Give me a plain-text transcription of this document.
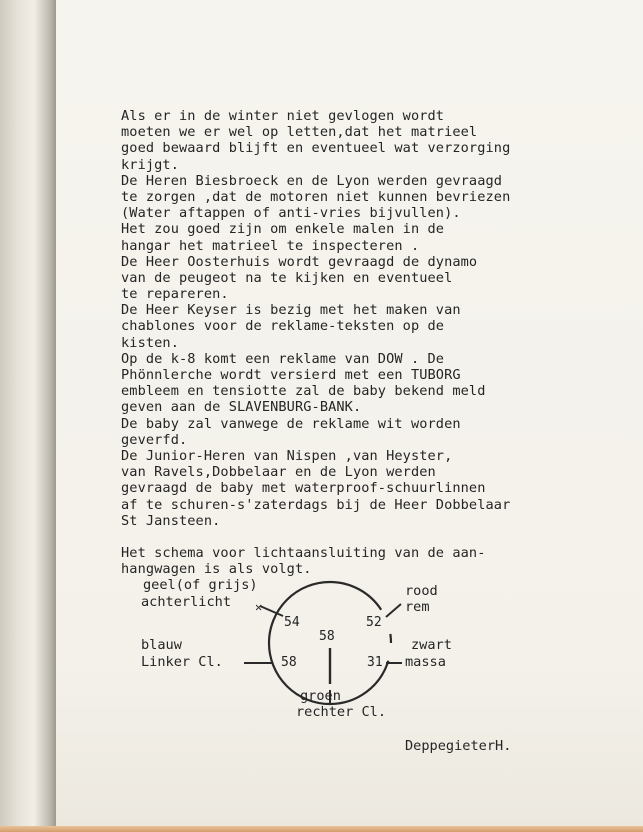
Als er in de winter niet gevlogen wordt
moeten we er wel op letten,dat het matrieel
goed bewaard blijft en eventueel wat verzorging
krijgt.
De Heren Biesbroeck en de Lyon werden gevraagd
te zorgen ,dat de motoren niet kunnen bevriezen
(Water aftappen of anti-vries bijvullen).
Het zou goed zijn om enkele malen in de
hangar het matrieel te inspecteren .
De Heer Oosterhuis wordt gevraagd de dynamo
van de peugeot na te kijken en eventueel
te repareren.
De Heer Keyser is bezig met het maken van
chablones voor de reklame-teksten op de
kisten.
Op de k-8 komt een reklame van DOW . De
Phönnlerche wordt versierd met een TUBORG
embleem en tensiotte zal de baby bekend meld
geven aan de SLAVENBURG-BANK.
De baby zal vanwege de reklame wit worden
geverfd.
De Junior-Heren van Nispen ,van Heyster,
van Ravels,Dobbelaar en de Lyon werden
gevraagd de baby met waterproof-schuurlinnen
af te schuren-s'zaterdags bij de Heer Dobbelaar
St Jansteen.
Het schema voor lichtaansluiting van de aan-
hangwagen is als volgt.
✕
geel(of grijs)
achterlicht
rood
rem
blauw
Linker Cl.
zwart
massa
groen
rechter Cl.
54	52
58
58	31
DeppegieterH.
